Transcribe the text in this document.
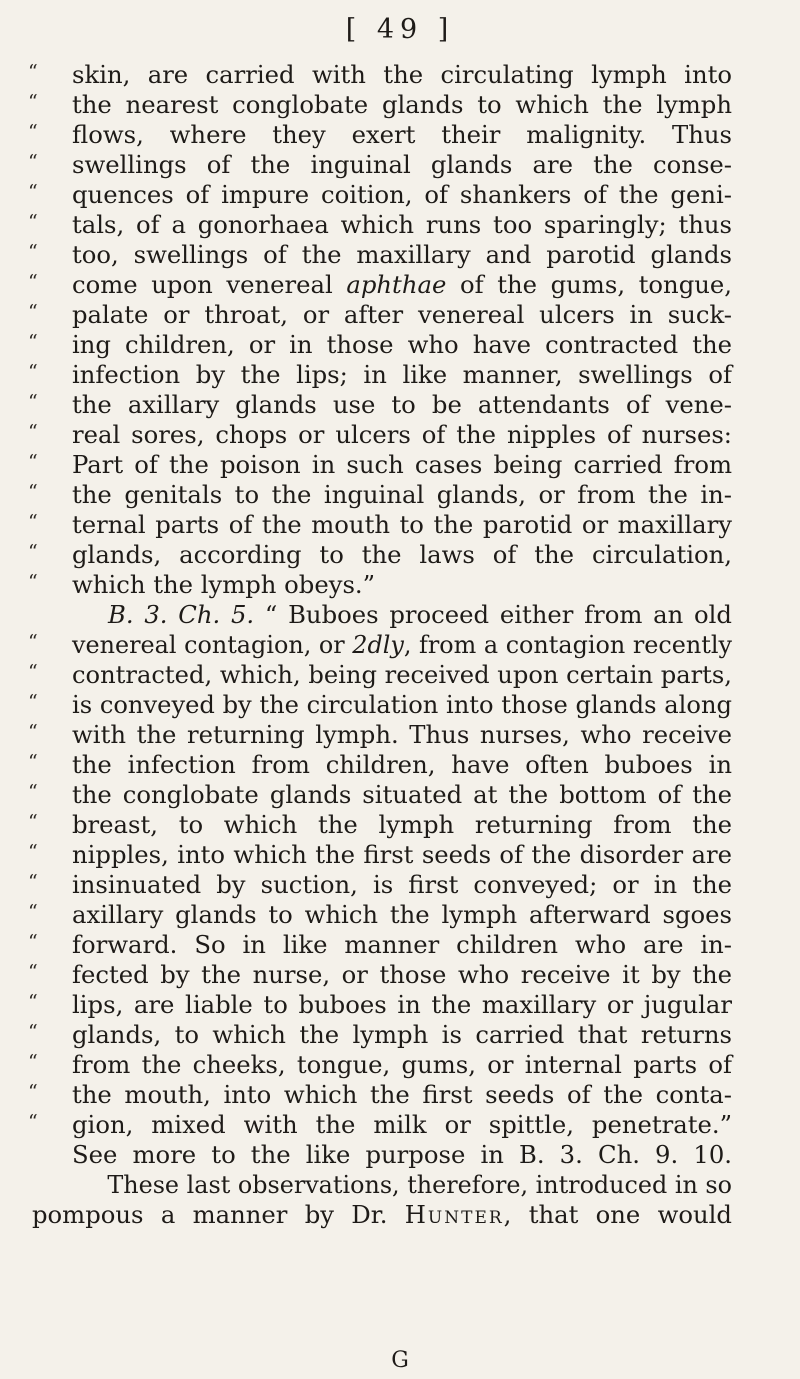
[ 49 ]
“	skin, are carried with the circulating lymph into
“	the nearest conglobate glands to which the lymph
“	flows, where they exert their malignity. Thus
“	swellings of the inguinal glands are the conse-
“	quences of impure coition, of shankers of the geni-
“	tals, of a gonorhaea which runs too sparingly; thus
“	too, swellings of the maxillary and parotid glands
“	come upon venereal aphthae of the gums, tongue,
“	palate or throat, or after venereal ulcers in suck-
“	ing children, or in those who have contracted the
“	infection by the lips; in like manner, swellings of
“	the axillary glands use to be attendants of vene-
“	real sores, chops or ulcers of the nipples of nurses:
“	Part of the poison in such cases being carried from
“	the genitals to the inguinal glands, or from the in-
“	ternal parts of the mouth to the parotid or maxillary
“	glands, according to the laws of the circulation,
“	which the lymph obeys.”
B. 3. Ch. 5. “ Buboes proceed either from an old
“	venereal contagion, or 2dly, from a contagion recently
“	contracted, which, being received upon certain parts,
“	is conveyed by the circulation into those glands along
“	with the returning lymph. Thus nurses, who receive
“	the infection from children, have often buboes in
“	the conglobate glands situated at the bottom of the
“	breast, to which the lymph returning from the
“	nipples, into which the first seeds of the disorder are
“	insinuated by suction, is first conveyed; or in the
“	axillary glands to which the lymph afterward sgoes
“	forward. So in like manner children who are in-
“	fected by the nurse, or those who receive it by the
“	lips, are liable to buboes in the maxillary or jugular
“	glands, to which the lymph is carried that returns
“	from the cheeks, tongue, gums, or internal parts of
“	the mouth, into which the first seeds of the conta-
“	gion, mixed with the milk or spittle, penetrate.”
See more to the like purpose in B. 3. Ch. 9. 10.
These last observations, therefore, introduced in so
pompous a manner by Dr. Hunter, that one would
G
